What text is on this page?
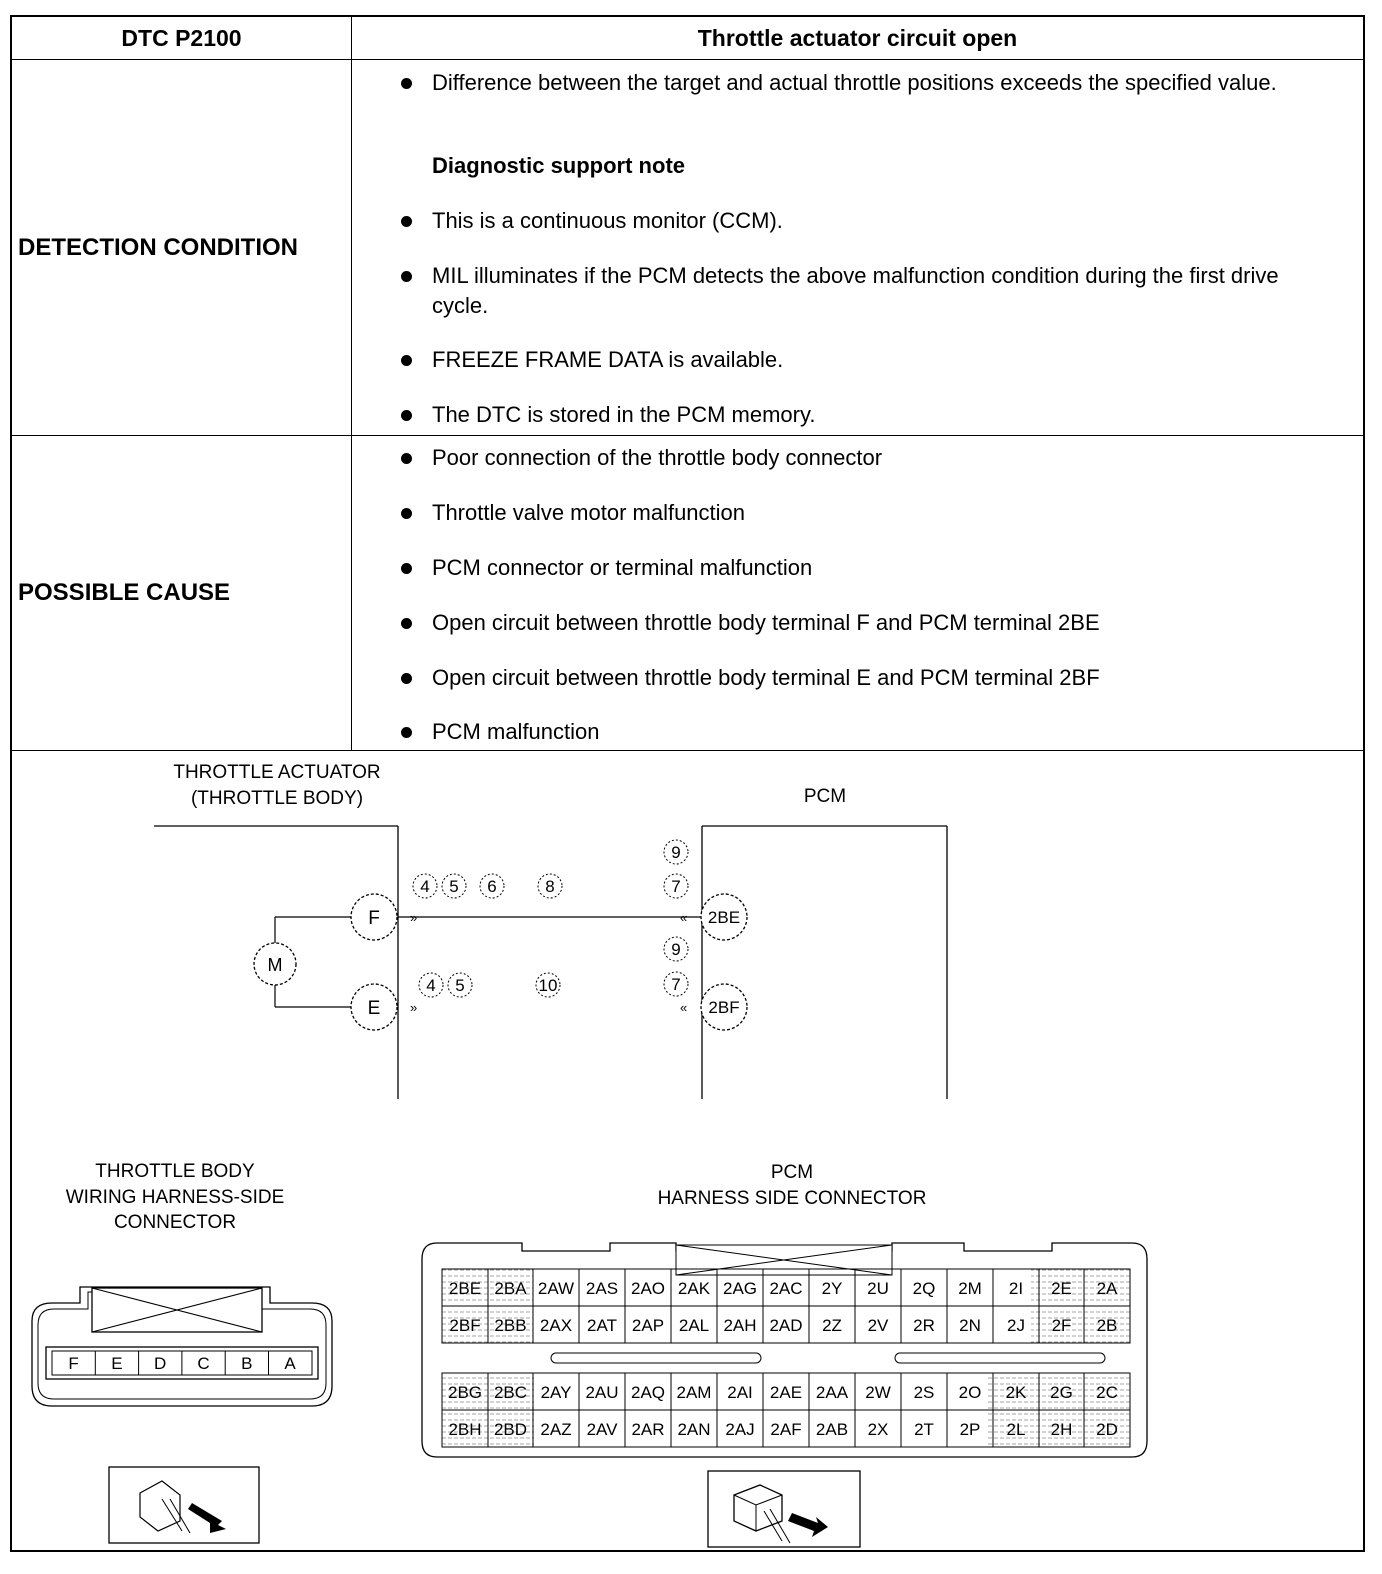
DTC P2100	Throttle actuator circuit open
DETECTION CONDITION
Difference between the target and actual throttle positions exceeds the specified value.
Diagnostic support note
This is a continuous monitor (CCM).
MIL illuminates if the PCM detects the above malfunction condition during the first drive cycle.
FREEZE FRAME DATA is available.
The DTC is stored in the PCM memory.
POSSIBLE CAUSE
Poor connection of the throttle body connector
Throttle valve motor malfunction
PCM connector or terminal malfunction
Open circuit between throttle body terminal F and PCM terminal 2BE
Open circuit between throttle body terminal E and PCM terminal 2BF
PCM malfunction
THROTTLE ACTUATOR
(THROTTLE BODY)	PCM
M
F
E
»	«
»	«
2BE
2BF
4 5 6	8
9
7
9
7
4 5	10
THROTTLE BODY
WIRING HARNESS-SIDE
CONNECTOR
F E D C B A
PCM
HARNESS SIDE CONNECTOR
2BE 2BA 2AW 2AS 2AO 2AK 2AG 2AC 2Y 2U 2Q 2M 2I 2E 2A
2BF 2BB 2AX 2AT 2AP 2AL 2AH 2AD 2Z 2V 2R 2N 2J 2F 2B
2BG 2BC 2AY 2AU 2AQ 2AM 2AI 2AE 2AA 2W 2S 2O 2K 2G 2C
2BH 2BD 2AZ 2AV 2AR 2AN 2AJ 2AF 2AB 2X 2T 2P 2L 2H 2D
